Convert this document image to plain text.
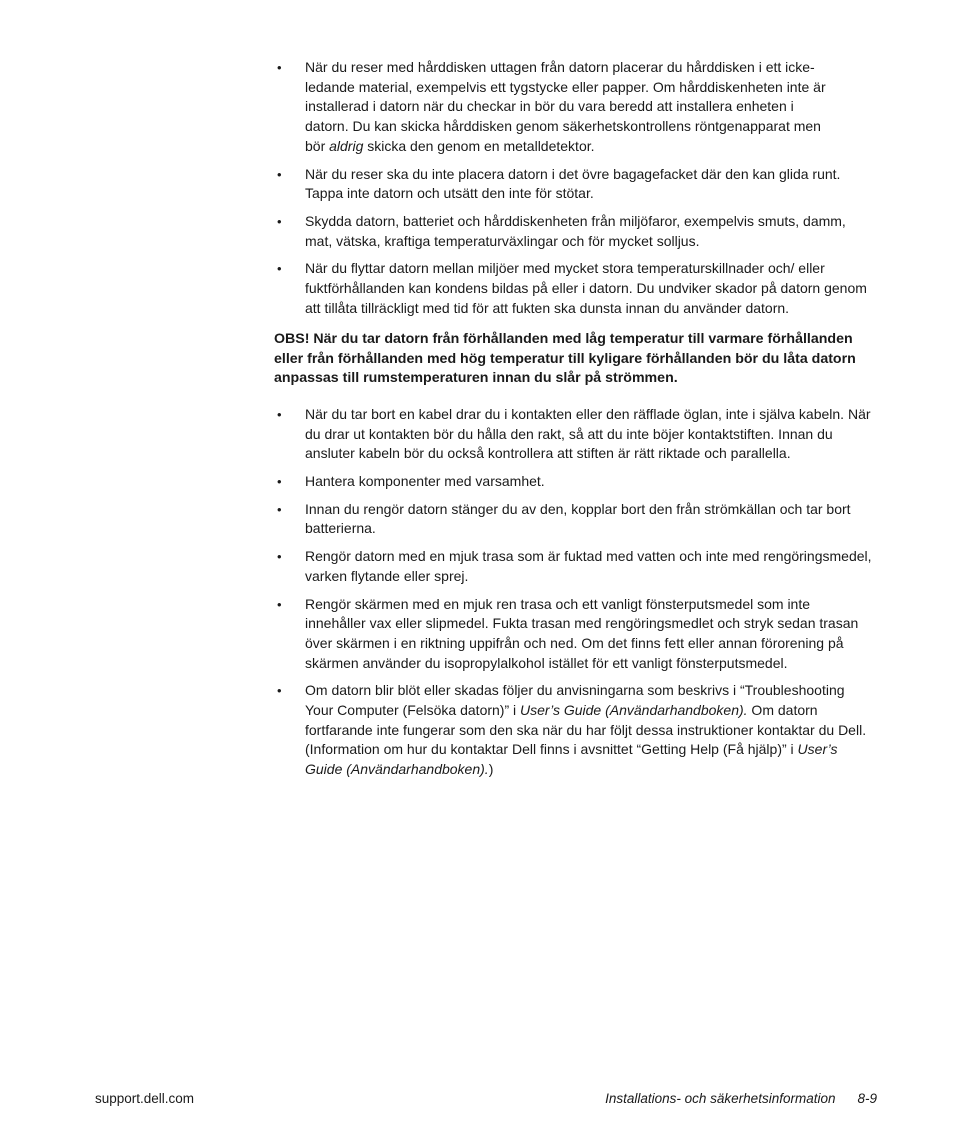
• När du reser med hårddisken uttagen från datorn placerar du hårddisken i ett icke-ledande material, exempelvis ett tygstycke eller papper. Om hårddiskenheten inte är installerad i datorn när du checkar in bör du vara beredd att installera enheten i datorn. Du kan skicka hårddisken genom säkerhetskontrollens röntgenapparat men bör aldrig skicka den genom en metalldetektor.
• När du reser ska du inte placera datorn i det övre bagagefacket där den kan glida runt. Tappa inte datorn och utsätt den inte för stötar.
• Skydda datorn, batteriet och hårddiskenheten från miljöfaror, exempelvis smuts, damm, mat, vätska, kraftiga temperaturväxlingar och för mycket solljus.
• När du flyttar datorn mellan miljöer med mycket stora temperaturskillnader och/ eller fuktförhållanden kan kondens bildas på eller i datorn. Du undviker skador på datorn genom att tillåta tillräckligt med tid för att fukten ska dunsta innan du använder datorn.

OBS! När du tar datorn från förhållanden med låg temperatur till varmare förhållanden eller från förhållanden med hög temperatur till kyligare förhållanden bör du låta datorn anpassas till rumstemperaturen innan du slår på strömmen.

• När du tar bort en kabel drar du i kontakten eller den räfflade öglan, inte i själva kabeln. När du drar ut kontakten bör du hålla den rakt, så att du inte böjer kontaktstiften. Innan du ansluter kabeln bör du också kontrollera att stiften är rätt riktade och parallella.
• Hantera komponenter med varsamhet.
• Innan du rengör datorn stänger du av den, kopplar bort den från strömkällan och tar bort batterierna.
• Rengör datorn med en mjuk trasa som är fuktad med vatten och inte med rengöringsmedel, varken flytande eller sprej.
• Rengör skärmen med en mjuk ren trasa och ett vanligt fönsterputsmedel som inte innehåller vax eller slipmedel. Fukta trasan med rengöringsmedlet och stryk sedan trasan över skärmen i en riktning uppifrån och ned. Om det finns fett eller annan förorening på skärmen använder du isopropylalkohol istället för ett vanligt fönsterputsmedel.
• Om datorn blir blöt eller skadas följer du anvisningarna som beskrivs i “Troubleshooting Your Computer (Felsöka datorn)” i User’s Guide (Användarhandboken). Om datorn fortfarande inte fungerar som den ska när du har följt dessa instruktioner kontaktar du Dell. (Information om hur du kontaktar Dell finns i avsnittet “Getting Help (Få hjälp)” i User’s Guide (Användarhandboken).)
support.dell.com	Installations- och säkerhetsinformation 8-9
